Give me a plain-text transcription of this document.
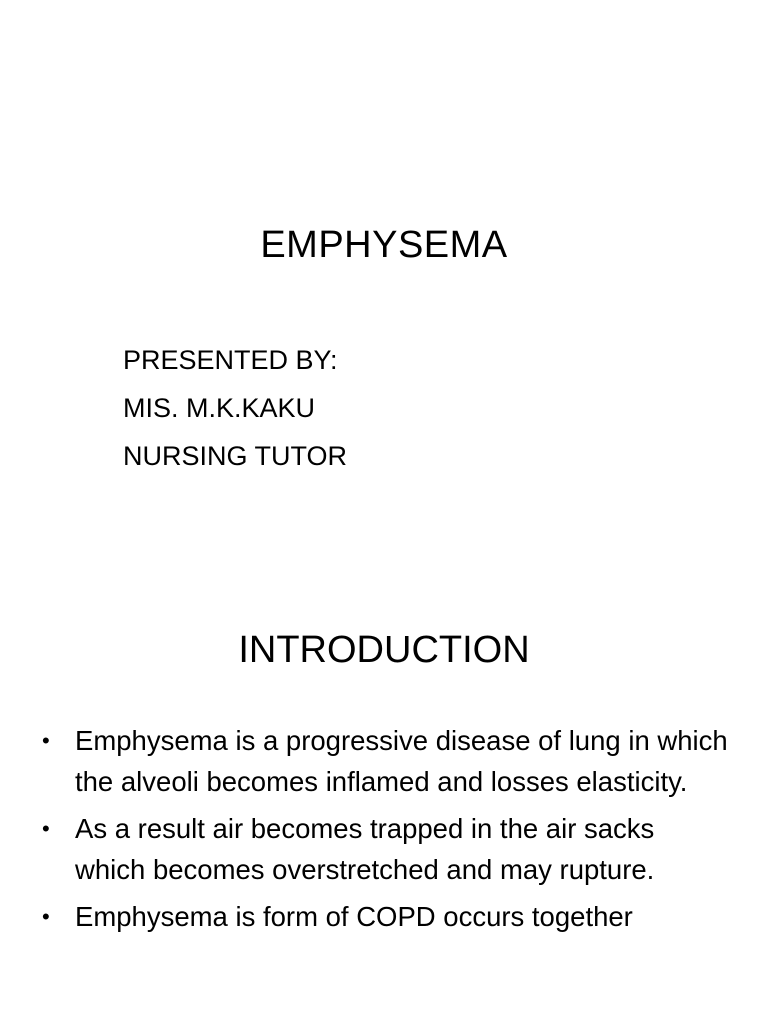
EMPHYSEMA
PRESENTED BY:
MIS. M.K.KAKU
NURSING TUTOR
INTRODUCTION
• Emphysema is a progressive disease of lung in which the alveoli becomes inflamed and losses elasticity.
• As a result air becomes trapped in the air sacks which becomes overstretched and may rupture.
• Emphysema is form of COPD occurs together
